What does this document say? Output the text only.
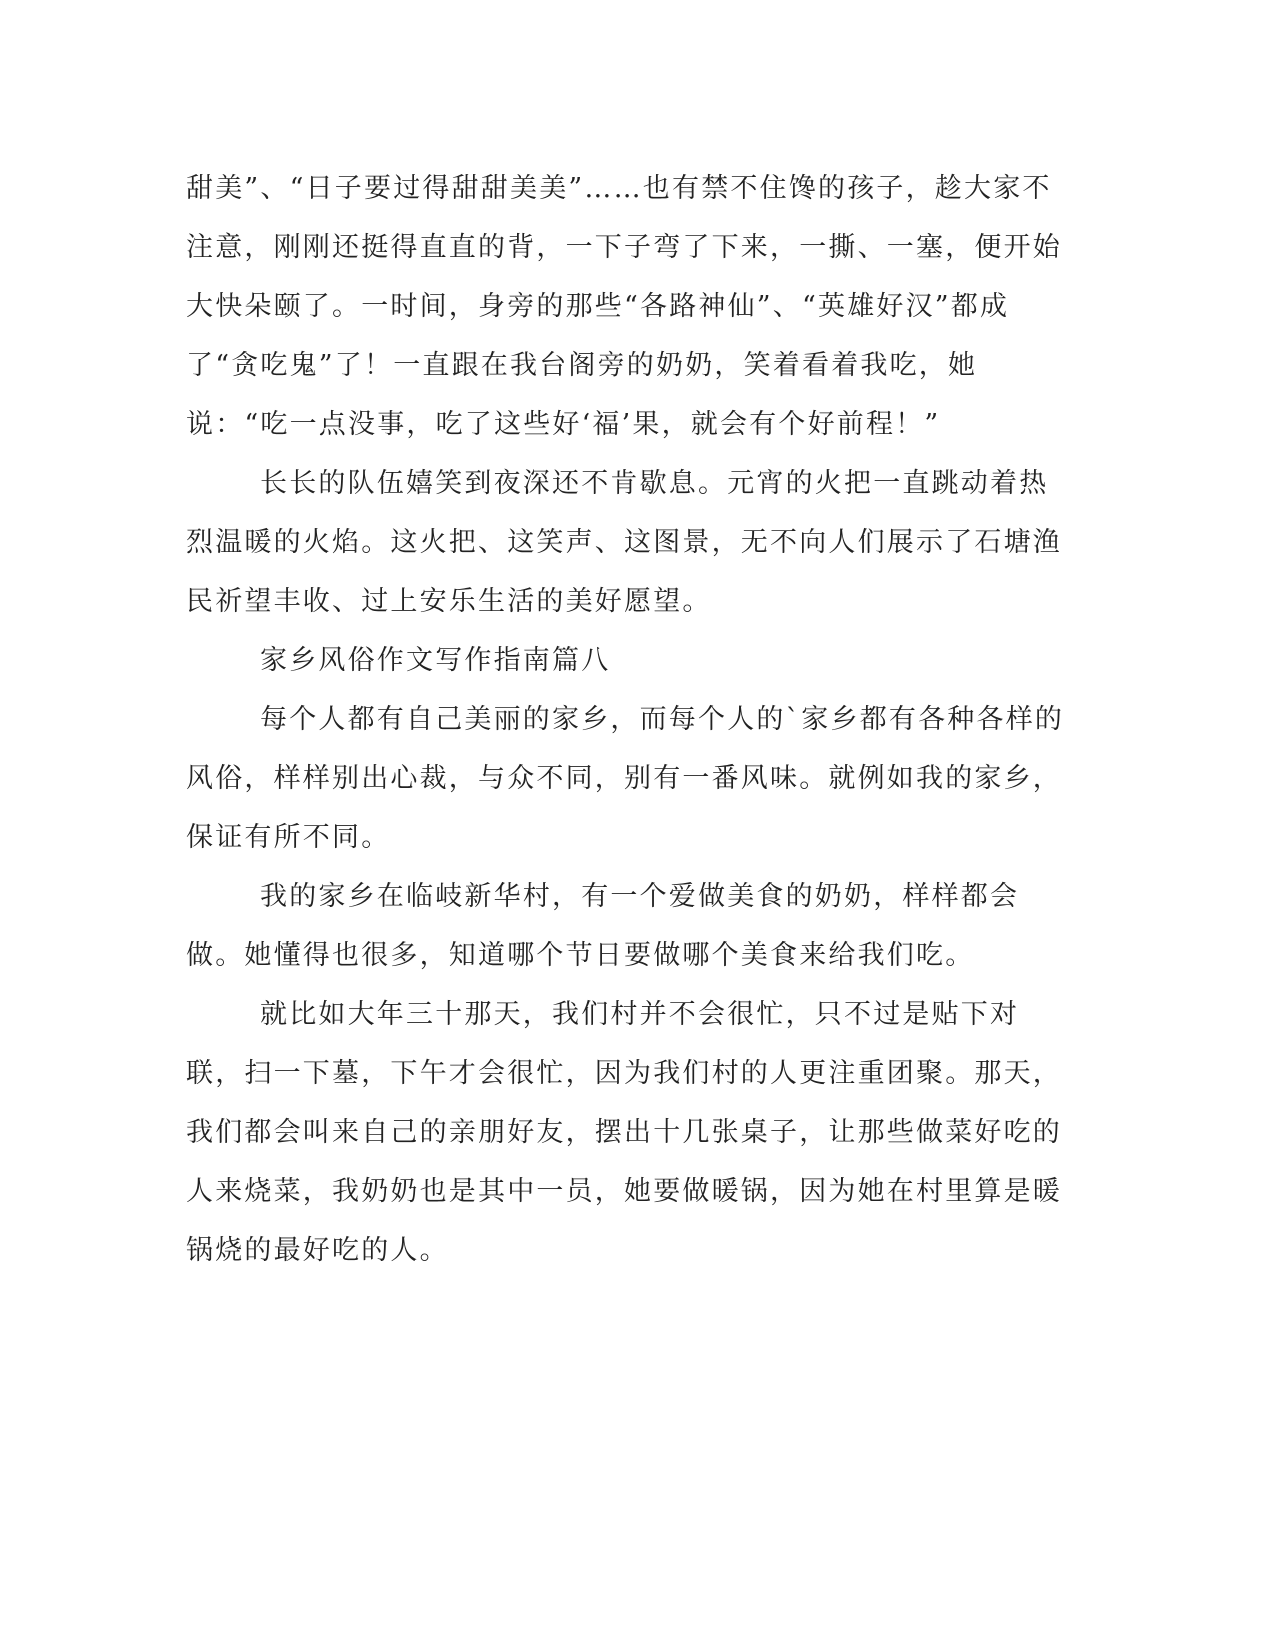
甜美”、“日子要过得甜甜美美”……也有禁不住馋的孩子，趁大家不注意，刚刚还挺得直直的背，一下子弯了下来，一撕、一塞，便开始大快朵颐了。一时间，身旁的那些“各路神仙”、“英雄好汉”都成了“贪吃鬼”了！一直跟在我台阁旁的奶奶，笑着看着我吃，她说：“吃一点没事，吃了这些好‘福’果，就会有个好前程！”

长长的队伍嬉笑到夜深还不肯歇息。元宵的火把一直跳动着热烈温暖的火焰。这火把、这笑声、这图景，无不向人们展示了石塘渔民祈望丰收、过上安乐生活的美好愿望。

家乡风俗作文写作指南篇八

每个人都有自己美丽的家乡，而每个人的`家乡都有各种各样的风俗，样样别出心裁，与众不同，别有一番风味。就例如我的家乡，保证有所不同。

我的家乡在临岐新华村，有一个爱做美食的奶奶，样样都会做。她懂得也很多，知道哪个节日要做哪个美食来给我们吃。

就比如大年三十那天，我们村并不会很忙，只不过是贴下对联，扫一下墓，下午才会很忙，因为我们村的人更注重团聚。那天，我们都会叫来自己的亲朋好友，摆出十几张桌子，让那些做菜好吃的人来烧菜，我奶奶也是其中一员，她要做暖锅，因为她在村里算是暖锅烧的最好吃的人。
